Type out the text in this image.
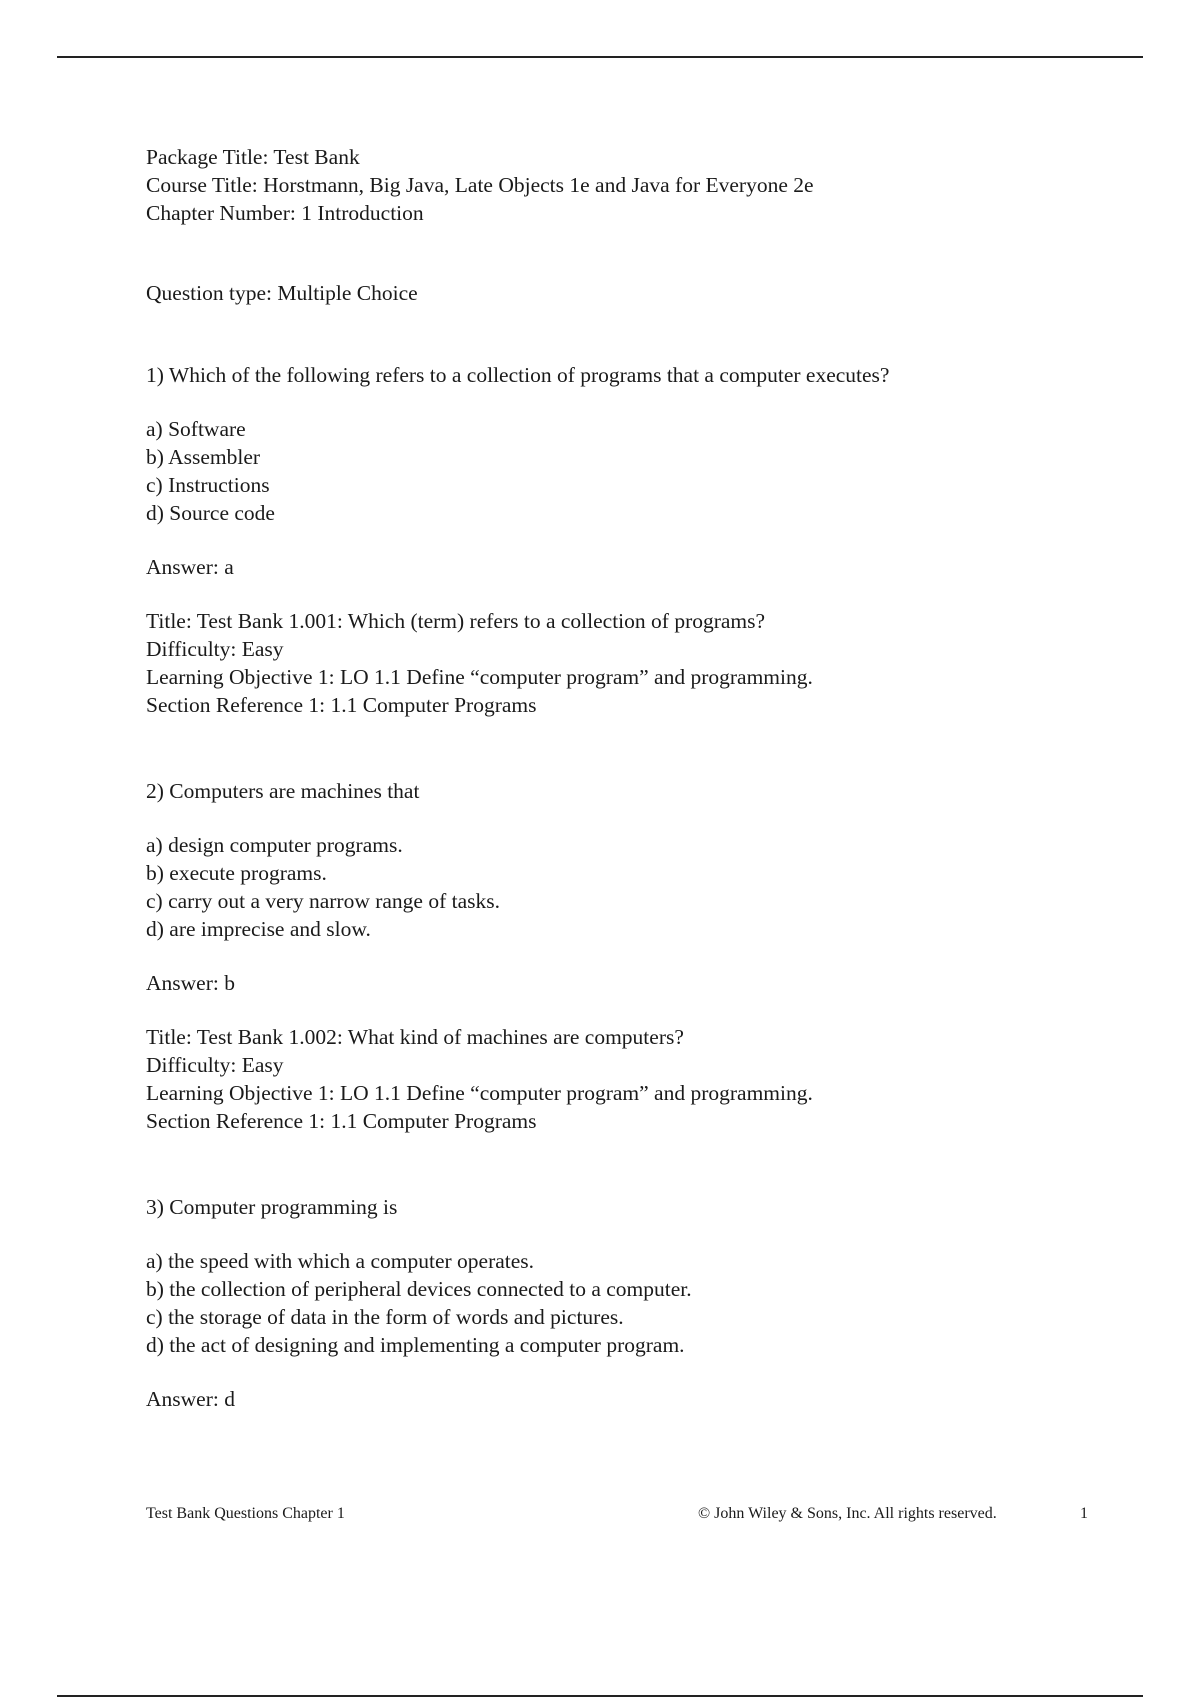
Package Title: Test Bank
Course Title: Horstmann, Big Java, Late Objects 1e and Java for Everyone 2e
Chapter Number: 1 Introduction
Question type: Multiple Choice
1) Which of the following refers to a collection of programs that a computer executes?
a) Software
b) Assembler
c) Instructions
d) Source code
Answer: a
Title: Test Bank 1.001: Which (term) refers to a collection of programs?
Difficulty: Easy
Learning Objective 1: LO 1.1 Define “computer program” and programming.
Section Reference 1: 1.1 Computer Programs
2) Computers are machines that
a) design computer programs.
b) execute programs.
c) carry out a very narrow range of tasks.
d) are imprecise and slow.
Answer: b
Title: Test Bank 1.002: What kind of machines are computers?
Difficulty: Easy
Learning Objective 1: LO 1.1 Define “computer program” and programming.
Section Reference 1: 1.1 Computer Programs
3) Computer programming is
a) the speed with which a computer operates.
b) the collection of peripheral devices connected to a computer.
c) the storage of data in the form of words and pictures.
d) the act of designing and implementing a computer program.
Answer: d
Test Bank Questions Chapter 1	© John Wiley & Sons, Inc. All rights reserved.	1
